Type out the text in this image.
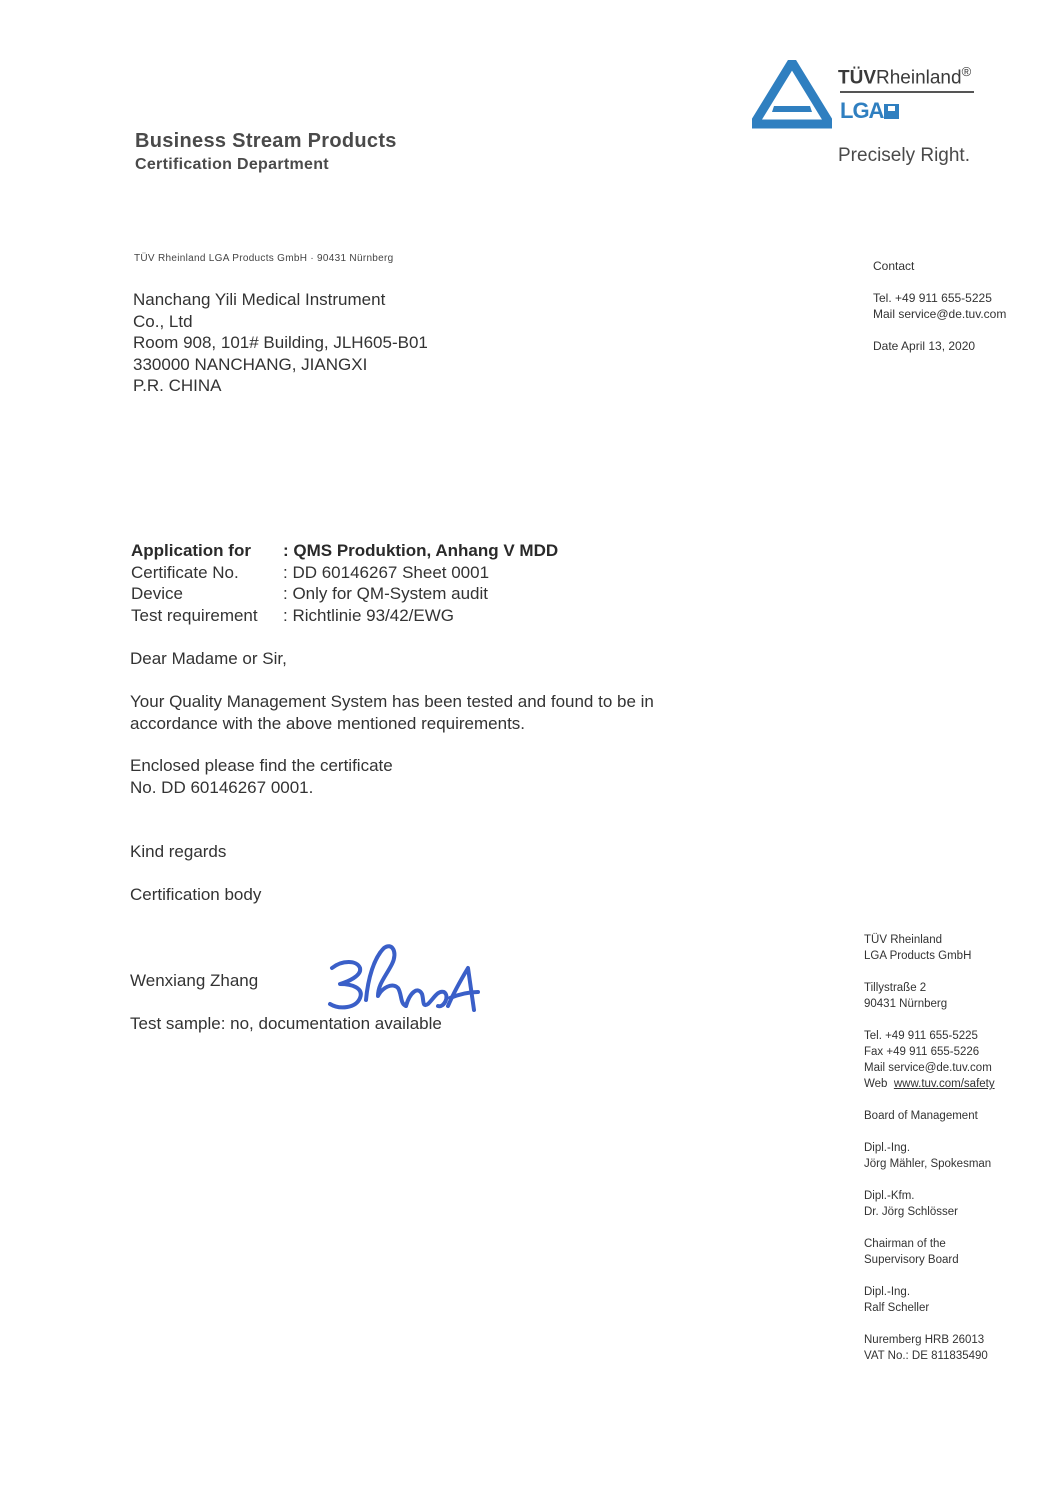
Business Stream Products
Certification Department
TÜVRheinland®
LGA
Precisely Right.
TÜV Rheinland LGA Products GmbH · 90431 Nürnberg
Nanchang Yili Medical Instrument
Co., Ltd
Room 908, 101# Building, JLH605-B01
330000 NANCHANG, JIANGXI
P.R. CHINA
Contact
Tel. +49 911 655-5225
Mail service@de.tuv.com
Date April 13, 2020
Application for	: QMS Produktion, Anhang V MDD
Certificate No.	: DD 60146267 Sheet 0001
Device	: Only for QM-System audit
Test requirement	: Richtlinie 93/42/EWG
Dear Madame or Sir,
Your Quality Management System has been tested and found to be in
accordance with the above mentioned requirements.
Enclosed please find the certificate
No. DD 60146267 0001.
Kind regards
Certification body
Wenxiang Zhang
Test sample: no, documentation available
TÜV Rheinland
LGA Products GmbH
Tillystraße 2
90431 Nürnberg
Tel. +49 911 655-5225
Fax +49 911 655-5226
Mail service@de.tuv.com
Web www.tuv.com/safety
Board of Management
Dipl.-Ing.
Jörg Mähler, Spokesman
Dipl.-Kfm.
Dr. Jörg Schlösser
Chairman of the
Supervisory Board
Dipl.-Ing.
Ralf Scheller
Nuremberg HRB 26013
VAT No.: DE 811835490
